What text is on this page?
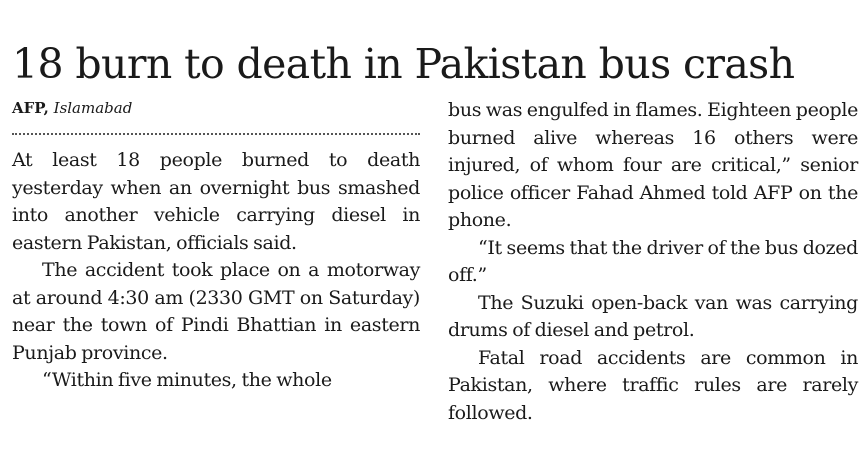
18 burn to death in Pakistan bus crash
AFP, Islamabad

At least 18 people burned to death yesterday when an overnight bus smashed into another vehicle carrying diesel in eastern Pakistan, officials said.

The accident took place on a motorway at around 4:30 am (2330 GMT on Saturday) near the town of Pindi Bhattian in eastern Punjab province.

“Within five minutes, the whole

bus was engulfed in flames. Eighteen people burned alive whereas 16 others were injured, of whom four are critical,” senior police officer Fahad Ahmed told AFP on the phone.

“It seems that the driver of the bus dozed off.”

The Suzuki open-back van was carrying drums of diesel and petrol.

Fatal road accidents are common in Pakistan, where traffic rules are rarely followed.
